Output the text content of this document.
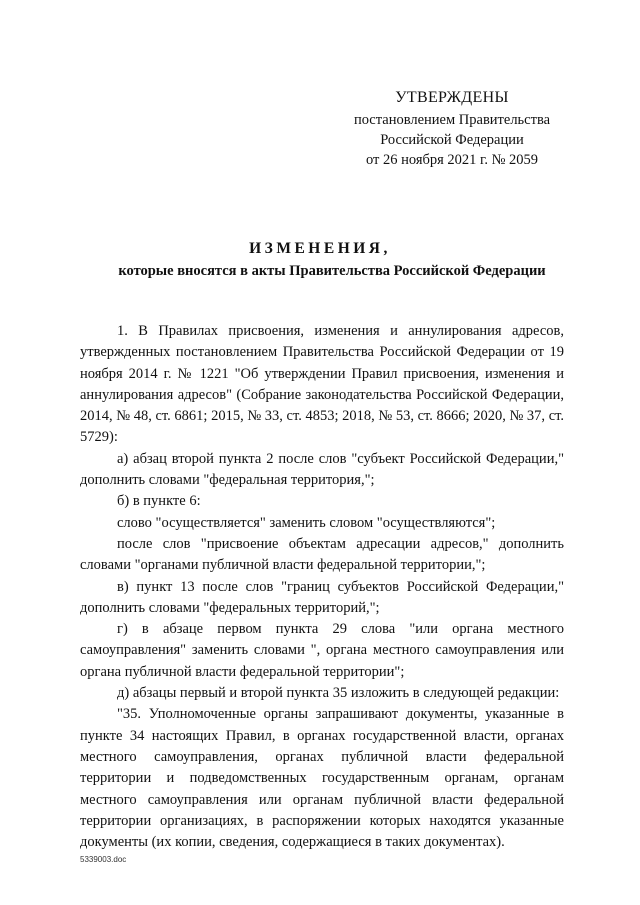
УТВЕРЖДЕНЫ
постановлением Правительства
Российской Федерации
от 26 ноября 2021 г. № 2059
ИЗМЕНЕНИЯ,
которые вносятся в акты Правительства Российской Федерации

1. В Правилах присвоения, изменения и аннулирования адресов, утвержденных постановлением Правительства Российской Федерации от 19 ноября 2014 г. № 1221 "Об утверждении Правил присвоения, изменения и аннулирования адресов" (Собрание законодательства Российской Федерации, 2014, № 48, ст. 6861; 2015, № 33, ст. 4853; 2018, № 53, ст. 8666; 2020, № 37, ст. 5729):

а) абзац второй пункта 2 после слов "субъект Российской Федерации," дополнить словами "федеральная территория,";

б) в пункте 6:

слово "осуществляется" заменить словом "осуществляются";

после слов "присвоение объектам адресации адресов," дополнить словами "органами публичной власти федеральной территории,";

в) пункт 13 после слов "границ субъектов Российской Федерации," дополнить словами "федеральных территорий,";

г) в абзаце первом пункта 29 слова "или органа местного самоуправления" заменить словами ", органа местного самоуправления или органа публичной власти федеральной территории";

д) абзацы первый и второй пункта 35 изложить в следующей редакции:

"35. Уполномоченные органы запрашивают документы, указанные в пункте 34 настоящих Правил, в органах государственной власти, органах местного самоуправления, органах публичной власти федеральной территории и подведомственных государственным органам, органам местного самоуправления или органам публичной власти федеральной территории организациях, в распоряжении которых находятся указанные документы (их копии, сведения, содержащиеся в таких документах).

5339003.doc
